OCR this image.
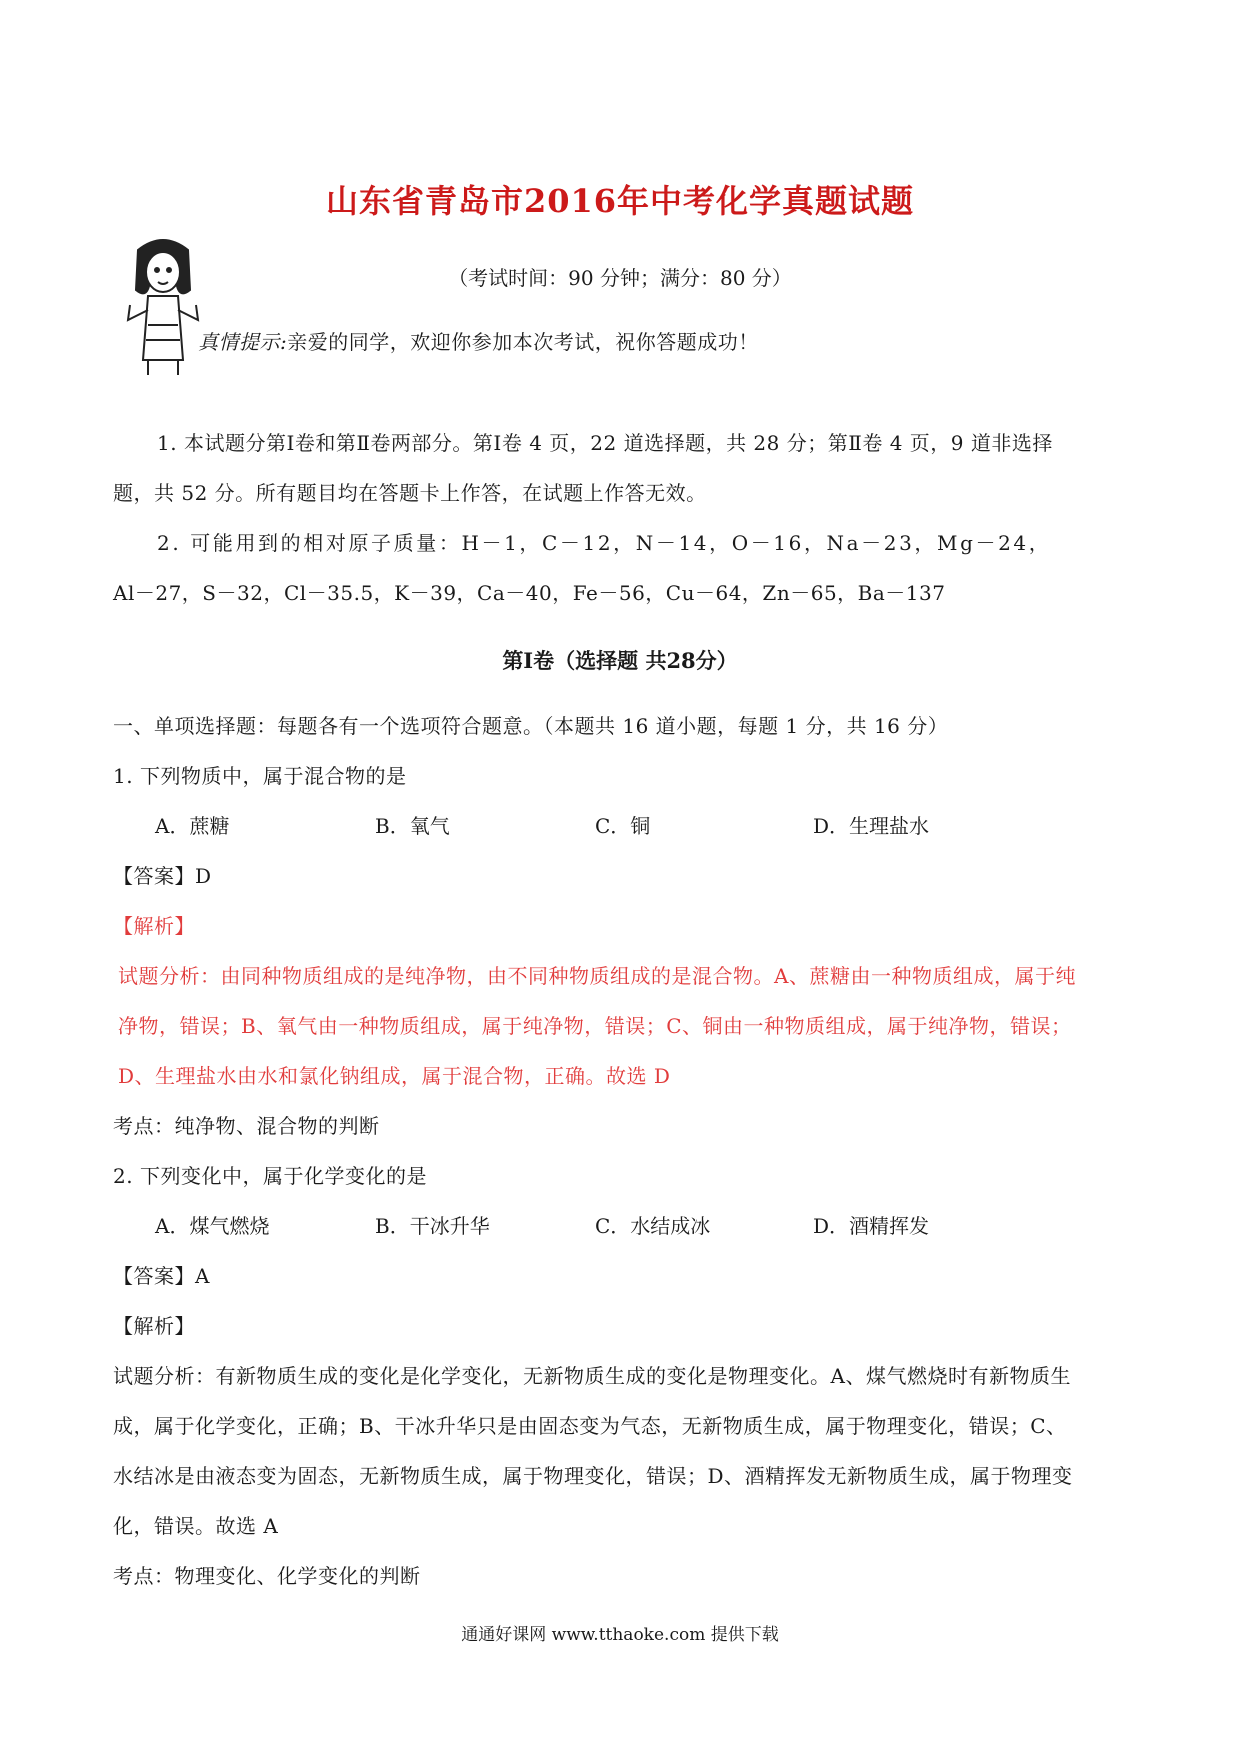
山东省青岛市2016年中考化学真题试题
（考试时间：90 分钟；满分：80 分）
真情提示:亲爱的同学，欢迎你参加本次考试，祝你答题成功！
1. 本试题分第Ⅰ卷和第Ⅱ卷两部分。第Ⅰ卷 4 页，22 道选择题，共 28 分；第Ⅱ卷 4 页，9 道非选择
题，共 52 分。所有题目均在答题卡上作答，在试题上作答无效。
2. 可能用到的相对原子质量：H－1，C－12，N－14，O－16，Na－23，Mg－24，
Al－27，S－32，Cl－35.5，K－39，Ca－40，Fe－56，Cu－64，Zn－65，Ba－137
第Ⅰ卷（选择题 共28分）
一、单项选择题：每题各有一个选项符合题意。（本题共 16 道小题，每题 1 分，共 16 分）
1. 下列物质中，属于混合物的是
A．蔗糖	B．氧气	C．铜	D．生理盐水
【答案】D
【解析】
试题分析：由同种物质组成的是纯净物，由不同种物质组成的是混合物。A、蔗糖由一种物质组成，属于纯
净物，错误；B、氧气由一种物质组成，属于纯净物，错误；C、铜由一种物质组成，属于纯净物，错误；
D、生理盐水由水和氯化钠组成，属于混合物，正确。故选 D
考点：纯净物、混合物的判断
2. 下列变化中，属于化学变化的是
A．煤气燃烧	B．干冰升华	C．水结成冰	D．酒精挥发
【答案】A
【解析】
试题分析：有新物质生成的变化是化学变化，无新物质生成的变化是物理变化。A、煤气燃烧时有新物质生
成，属于化学变化，正确；B、干冰升华只是由固态变为气态，无新物质生成，属于物理变化，错误；C、
水结冰是由液态变为固态，无新物质生成，属于物理变化，错误；D、酒精挥发无新物质生成，属于物理变
化，错误。故选 A
考点：物理变化、化学变化的判断
通通好课网 www.tthaoke.com 提供下载
